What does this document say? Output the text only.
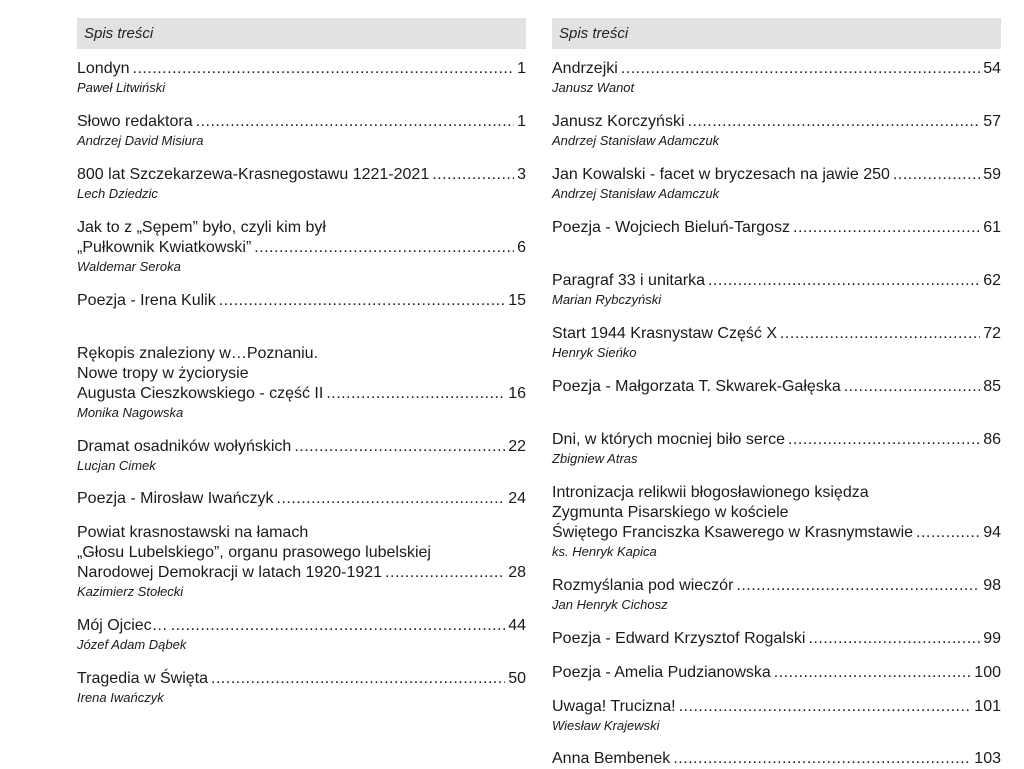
Spis treści
Londyn .....	1
Paweł Litwiński
Słowo redaktora .....	1
Andrzej David Misiura
800 lat Szczekarzewa-Krasnegostawu 1221-2021 .....	3
Lech Dziedzic
Jak to z „Sępem” było, czyli kim był
„Pułkownik Kwiatkowski” .....	6
Waldemar Seroka
Poezja - Irena Kulik .....	15
Rękopis znaleziony w…Poznaniu.
Nowe tropy w życiorysie
Augusta Cieszkowskiego - część II .....	16
Monika Nagowska
Dramat osadników wołyńskich .....	22
Lucjan Cimek
Poezja - Mirosław Iwańczyk .....	24
Powiat krasnostawski na łamach
„Głosu Lubelskiego”, organu prasowego lubelskiej
Narodowej Demokracji w latach 1920-1921 .....	28
Kazimierz Stołecki
Mój Ojciec… .....	44
Józef Adam Dąbek
Tragedia w Święta .....	50
Irena Iwańczyk
Spis treści
Andrzejki .....	54
Janusz Wanot
Janusz Korczyński .....	57
Andrzej Stanisław Adamczuk
Jan Kowalski - facet w bryczesach na jawie 250 .....	59
Andrzej Stanisław Adamczuk
Poezja - Wojciech Bieluń-Targosz .....	61
Paragraf 33 i unitarka .....	62
Marian Rybczyński
Start 1944 Krasnystaw Część X .....	72
Henryk Sieńko
Poezja - Małgorzata T. Skwarek-Gałęska .....	85
Dni, w których mocniej biło serce .....	86
Zbigniew Atras
Intronizacja relikwii błogosławionego księdza
Zygmunta Pisarskiego w kościele
Świętego Franciszka Ksawerego w Krasnymstawie .....	94
ks. Henryk Kapica
Rozmyślania pod wieczór .....	98
Jan Henryk Cichosz
Poezja - Edward Krzysztof Rogalski .....	99
Poezja - Amelia Pudzianowska .....	100
Uwaga! Trucizna! .....	101
Wiesław Krajewski
Anna Bembenek .....	103
